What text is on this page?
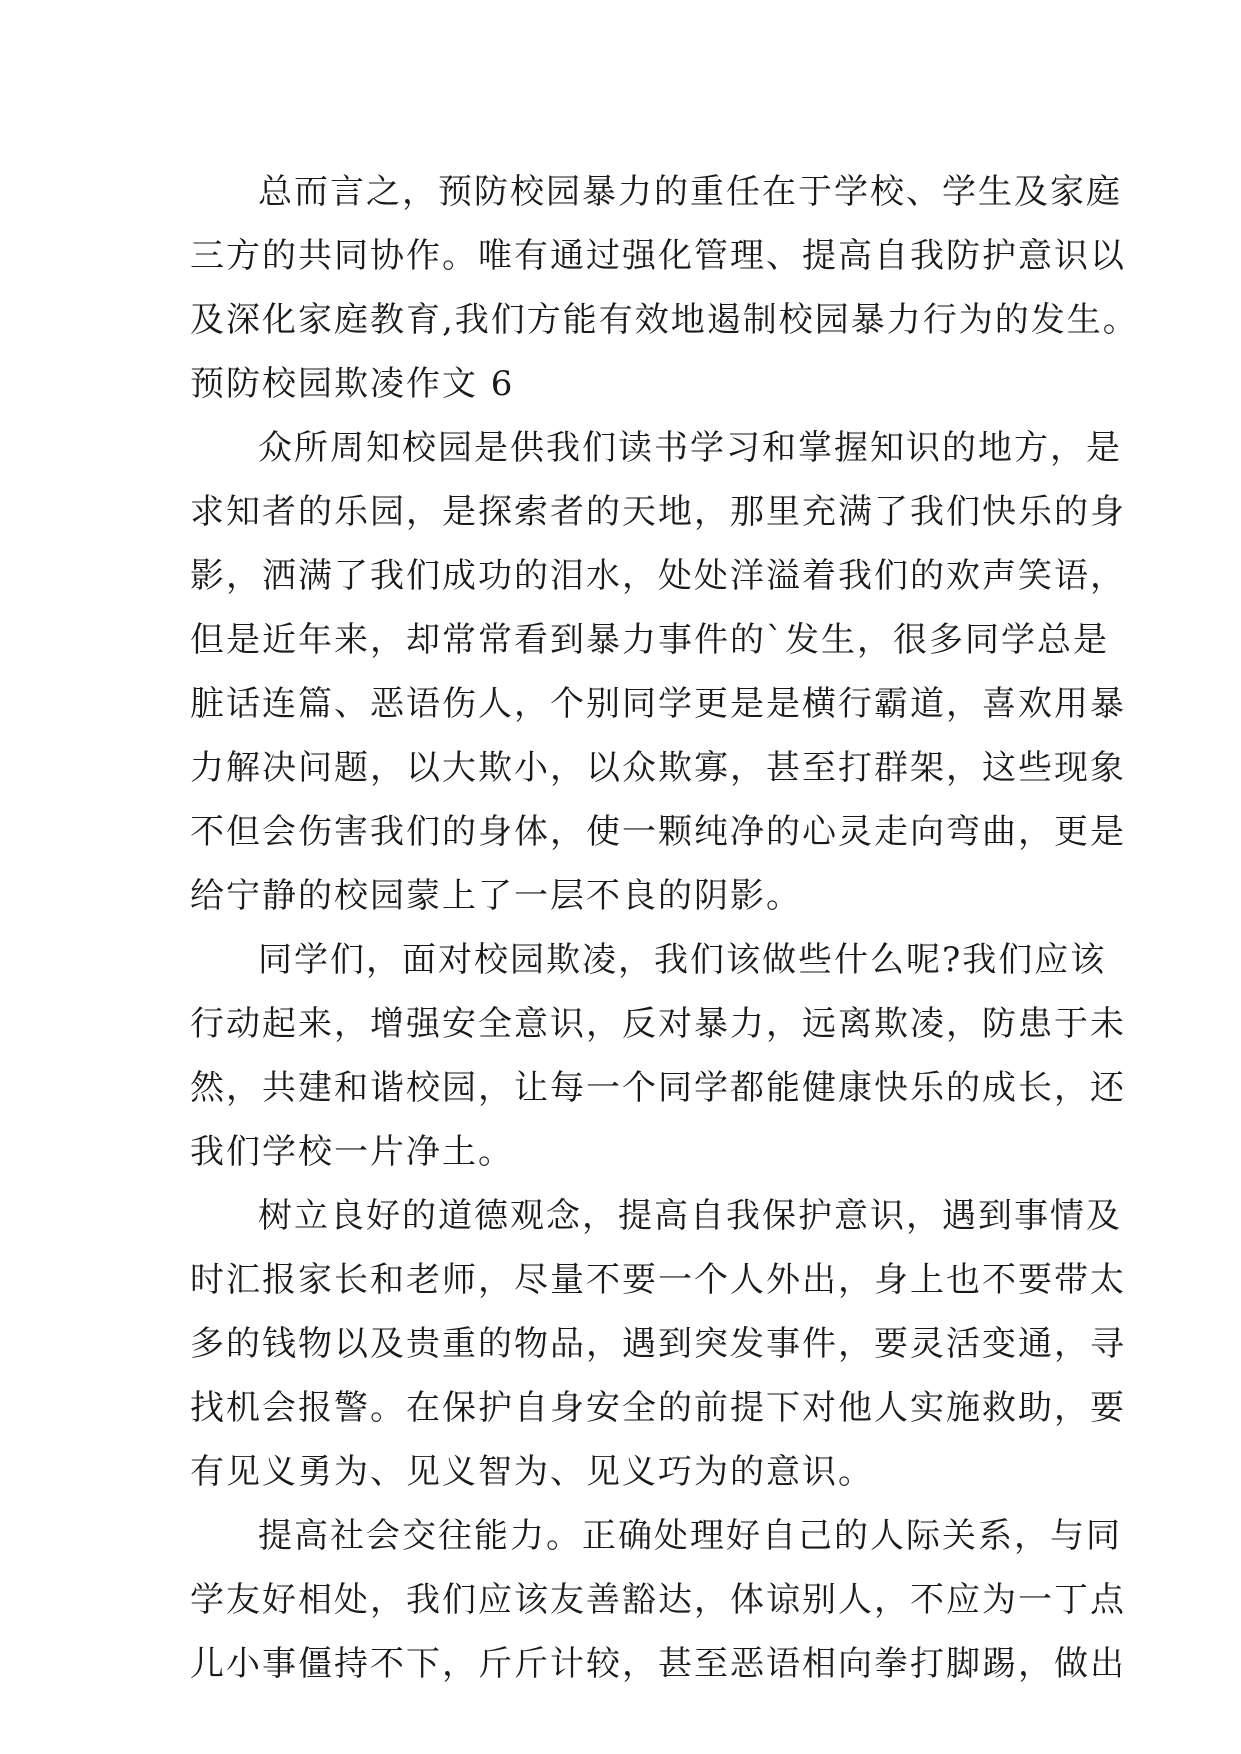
总而言之，预防校园暴力的重任在于学校、学生及家庭
三方的共同协作。唯有通过强化管理、提高自我防护意识以
及深化家庭教育,我们方能有效地遏制校园暴力行为的发生。
预防校园欺凌作文 6
众所周知校园是供我们读书学习和掌握知识的地方，是
求知者的乐园，是探索者的天地，那里充满了我们快乐的身
影，洒满了我们成功的泪水，处处洋溢着我们的欢声笑语，
但是近年来，却常常看到暴力事件的`发生，很多同学总是
脏话连篇、恶语伤人，个别同学更是是横行霸道，喜欢用暴
力解决问题，以大欺小，以众欺寡，甚至打群架，这些现象
不但会伤害我们的身体，使一颗纯净的心灵走向弯曲，更是
给宁静的校园蒙上了一层不良的阴影。
同学们，面对校园欺凌，我们该做些什么呢?我们应该
行动起来，增强安全意识，反对暴力，远离欺凌，防患于未
然，共建和谐校园，让每一个同学都能健康快乐的成长，还
我们学校一片净土。
树立良好的道德观念，提高自我保护意识，遇到事情及
时汇报家长和老师，尽量不要一个人外出，身上也不要带太
多的钱物以及贵重的物品，遇到突发事件，要灵活变通，寻
找机会报警。在保护自身安全的前提下对他人实施救助，要
有见义勇为、见义智为、见义巧为的意识。
提高社会交往能力。正确处理好自己的人际关系，与同
学友好相处，我们应该友善豁达，体谅别人，不应为一丁点
儿小事僵持不下，斤斤计较，甚至恶语相向拳打脚踢，做出
